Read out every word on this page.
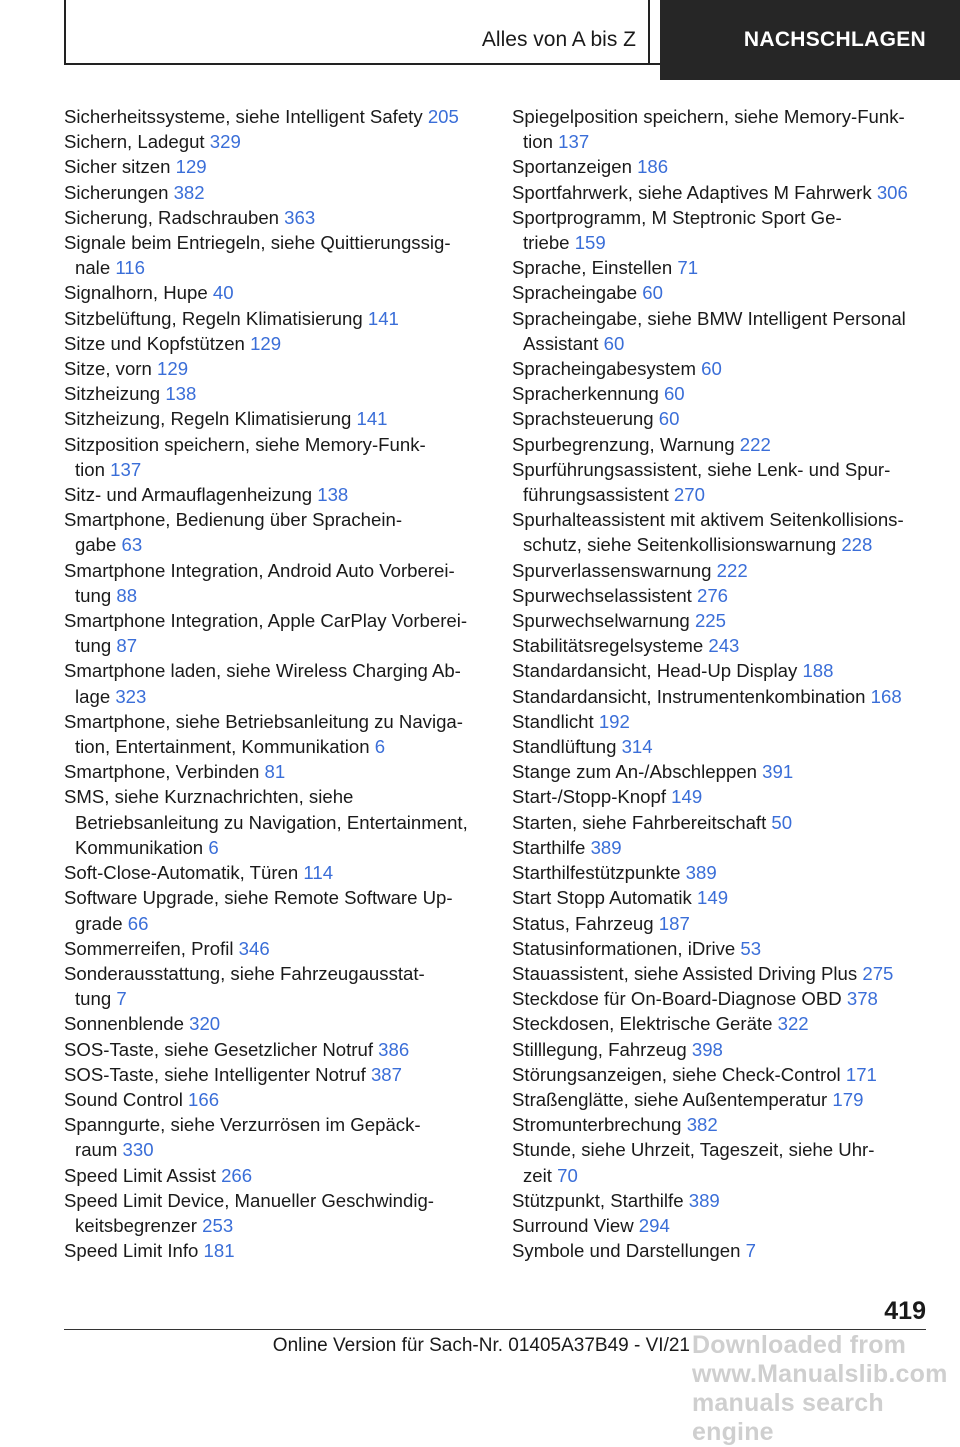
Alles von A bis Z	NACHSCHLAGEN
Sicherheitssysteme, siehe Intelligent Safety 205
Sichern, Ladegut 329
Sicher sitzen 129
Sicherungen 382
Sicherung, Radschrauben 363
Signale beim Entriegeln, siehe Quittierungssig-
nale 116
Signalhorn, Hupe 40
Sitzbelüftung, Regeln Klimatisierung 141
Sitze und Kopfstützen 129
Sitze, vorn 129
Sitzheizung 138
Sitzheizung, Regeln Klimatisierung 141
Sitzposition speichern, siehe Memory-Funk-
tion 137
Sitz- und Armauflagenheizung 138
Smartphone, Bedienung über Sprachein-
gabe 63
Smartphone Integration, Android Auto Vorberei-
tung 88
Smartphone Integration, Apple CarPlay Vorberei-
tung 87
Smartphone laden, siehe Wireless Charging Ab-
lage 323
Smartphone, siehe Betriebsanleitung zu Naviga-
tion, Entertainment, Kommunikation 6
Smartphone, Verbinden 81
SMS, siehe Kurznachrichten, siehe
Betriebsanleitung zu Navigation, Entertainment,
Kommunikation 6
Soft-Close-Automatik, Türen 114
Software Upgrade, siehe Remote Software Up-
grade 66
Sommerreifen, Profil 346
Sonderausstattung, siehe Fahrzeugausstat-
tung 7
Sonnenblende 320
SOS-Taste, siehe Gesetzlicher Notruf 386
SOS-Taste, siehe Intelligenter Notruf 387
Sound Control 166
Spanngurte, siehe Verzurrösen im Gepäck-
raum 330
Speed Limit Assist 266
Speed Limit Device, Manueller Geschwindig-
keitsbegrenzer 253
Speed Limit Info 181
Spiegelposition speichern, siehe Memory-Funk-
tion 137
Sportanzeigen 186
Sportfahrwerk, siehe Adaptives M Fahrwerk 306
Sportprogramm, M Steptronic Sport Ge-
triebe 159
Sprache, Einstellen 71
Spracheingabe 60
Spracheingabe, siehe BMW Intelligent Personal
Assistant 60
Spracheingabesystem 60
Spracherkennung 60
Sprachsteuerung 60
Spurbegrenzung, Warnung 222
Spurführungsassistent, siehe Lenk- und Spur-
führungsassistent 270
Spurhalteassistent mit aktivem Seitenkollisions-
schutz, siehe Seitenkollisionswarnung 228
Spurverlassenswarnung 222
Spurwechselassistent 276
Spurwechselwarnung 225
Stabilitätsregelsysteme 243
Standardansicht, Head-Up Display 188
Standardansicht, Instrumentenkombination 168
Standlicht 192
Standlüftung 314
Stange zum An-/Abschleppen 391
Start-/Stopp-Knopf 149
Starten, siehe Fahrbereitschaft 50
Starthilfe 389
Starthilfestützpunkte 389
Start Stopp Automatik 149
Status, Fahrzeug 187
Statusinformationen, iDrive 53
Stauassistent, siehe Assisted Driving Plus 275
Steckdose für On-Board-Diagnose OBD 378
Steckdosen, Elektrische Geräte 322
Stilllegung, Fahrzeug 398
Störungsanzeigen, siehe Check-Control 171
Straßenglätte, siehe Außentemperatur 179
Stromunterbrechung 382
Stunde, siehe Uhrzeit, Tageszeit, siehe Uhr-
zeit 70
Stützpunkt, Starthilfe 389
Surround View 294
Symbole und Darstellungen 7
419
Online Version für Sach-Nr. 01405A37B49 - VI/21 Downloaded from www.Manualslib.com manuals search engine
